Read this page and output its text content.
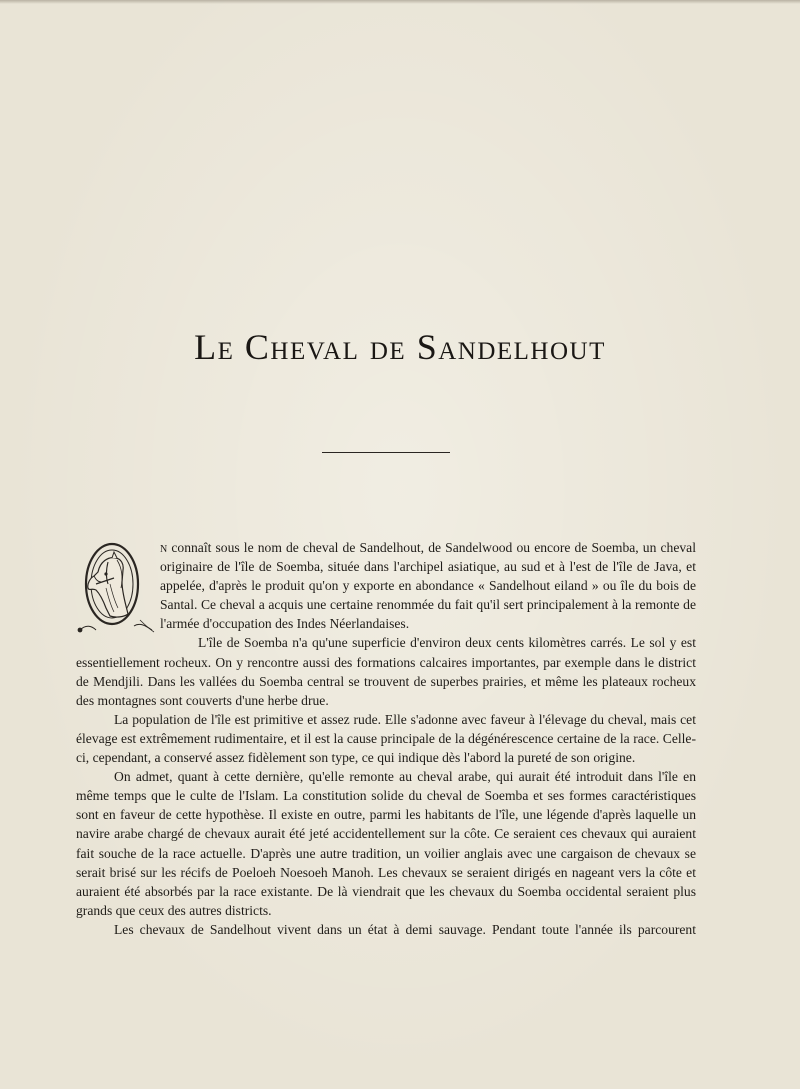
Le Cheval de Sandelhout

n connaît sous le nom de cheval de Sandelhout, de Sandelwood ou encore de Soemba, un cheval originaire de l'île de Soemba, située dans l'archipel asiatique, au sud et à l'est de l'île de Java, et appelée, d'après le produit qu'on y exporte en abondance « Sandelhout eiland » ou île du bois de Santal. Ce cheval a acquis une certaine renommée du fait qu'il sert principalement à la remonte de l'armée d'occupation des Indes Néerlandaises.

L'île de Soemba n'a qu'une superficie d'environ deux cents kilomètres carrés. Le sol y est essentiellement rocheux. On y rencontre aussi des formations calcaires importantes, par exemple dans le district de Mendjili. Dans les vallées du Soemba central se trouvent de superbes prairies, et même les plateaux rocheux des montagnes sont couverts d'une herbe drue.

La population de l'île est primitive et assez rude. Elle s'adonne avec faveur à l'élevage du cheval, mais cet élevage est extrêmement rudimentaire, et il est la cause principale de la dégénérescence certaine de la race. Celle-ci, cependant, a conservé assez fidèlement son type, ce qui indique dès l'abord la pureté de son origine.

On admet, quant à cette dernière, qu'elle remonte au cheval arabe, qui aurait été introduit dans l'île en même temps que le culte de l'Islam. La constitution solide du cheval de Soemba et ses formes caractéristiques sont en faveur de cette hypothèse. Il existe en outre, parmi les habitants de l'île, une légende d'après laquelle un navire arabe chargé de chevaux aurait été jeté accidentellement sur la côte. Ce seraient ces chevaux qui auraient fait souche de la race actuelle. D'après une autre tradition, un voilier anglais avec une cargaison de chevaux se serait brisé sur les récifs de Poeloeh Noesoeh Manoh. Les chevaux se seraient dirigés en nageant vers la côte et auraient été absorbés par la race existante. De là viendrait que les chevaux du Soemba occidental seraient plus grands que ceux des autres districts.

Les chevaux de Sandelhout vivent dans un état à demi sauvage. Pendant toute l'année ils parcourent
